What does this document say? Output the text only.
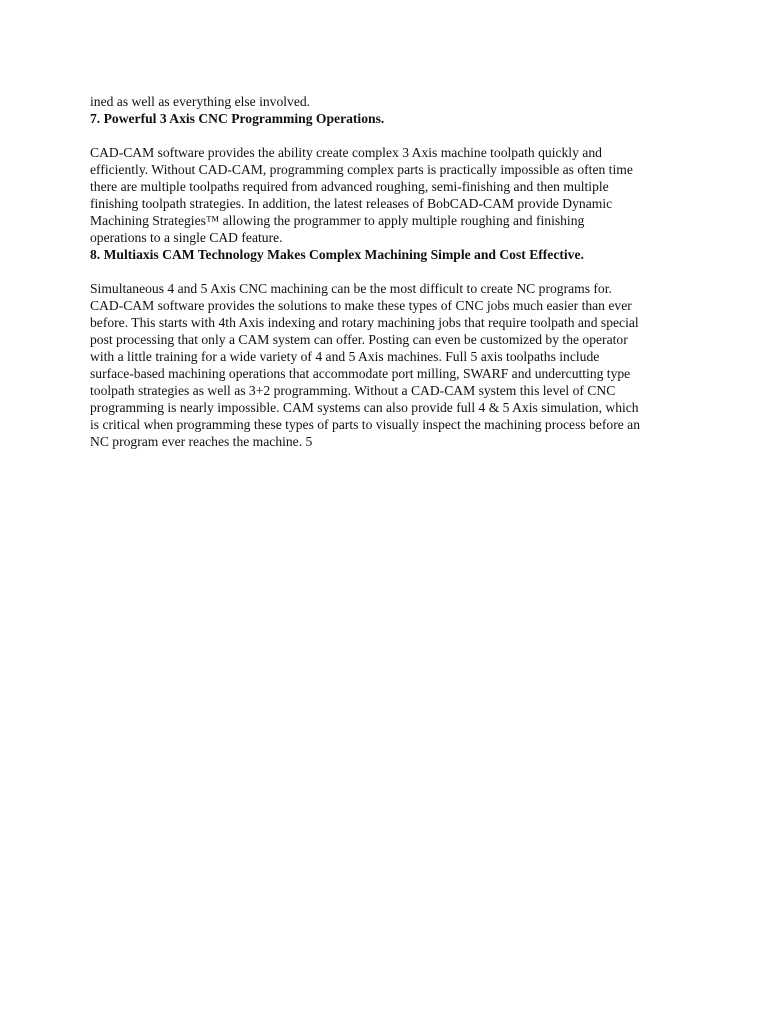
ined as well as everything else involved.

7. Powerful 3 Axis CNC Programming Operations.

CAD-CAM software provides the ability create complex 3 Axis machine toolpath quickly and
efficiently. Without CAD-CAM, programming complex parts is practically impossible as often time
there are multiple toolpaths required from advanced roughing, semi-finishing and then multiple
finishing toolpath strategies. In addition, the latest releases of BobCAD-CAM provide Dynamic
Machining Strategies™ allowing the programmer to apply multiple roughing and finishing
operations to a single CAD feature.

8. Multiaxis CAM Technology Makes Complex Machining Simple and Cost Effective.

Simultaneous 4 and 5 Axis CNC machining can be the most difficult to create NC programs for.
CAD-CAM software provides the solutions to make these types of CNC jobs much easier than ever
before. This starts with 4th Axis indexing and rotary machining jobs that require toolpath and special
post processing that only a CAM system can offer. Posting can even be customized by the operator
with a little training for a wide variety of 4 and 5 Axis machines. Full 5 axis toolpaths include
surface-based machining operations that accommodate port milling, SWARF and undercutting type
toolpath strategies as well as 3+2 programming. Without a CAD-CAM system this level of CNC
programming is nearly impossible. CAM systems can also provide full 4 & 5 Axis simulation, which
is critical when programming these types of parts to visually inspect the machining process before an
NC program ever reaches the machine. 5
